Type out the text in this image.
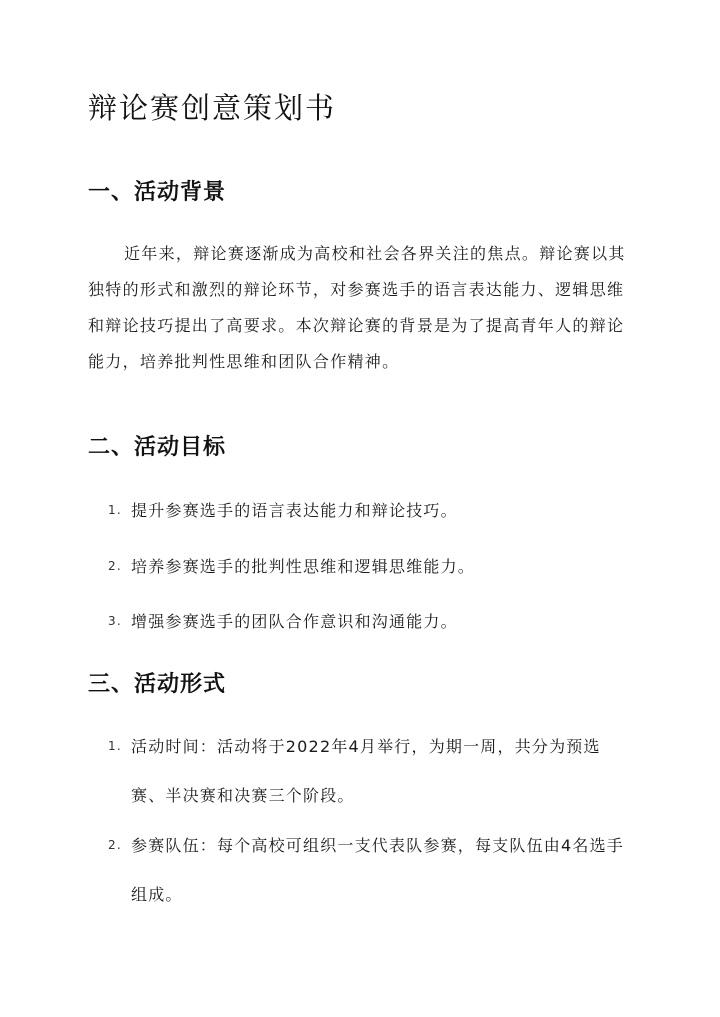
辩论赛创意策划书
一、活动背景

近年来，辩论赛逐渐成为高校和社会各界关注的焦点。辩论赛以其独特的形式和激烈的辩论环节，对参赛选手的语言表达能力、逻辑思维和辩论技巧提出了高要求。本次辩论赛的背景是为了提高青年人的辩论能力，培养批判性思维和团队合作精神。

二、活动目标
1. 提升参赛选手的语言表达能力和辩论技巧。
2. 培养参赛选手的批判性思维和逻辑思维能力。
3. 增强参赛选手的团队合作意识和沟通能力。
三、活动形式
1. 活动时间：活动将于2022年4月举行，为期一周，共分为预选赛、半决赛和决赛三个阶段。
2. 参赛队伍：每个高校可组织一支代表队参赛，每支队伍由4名选手组成。
